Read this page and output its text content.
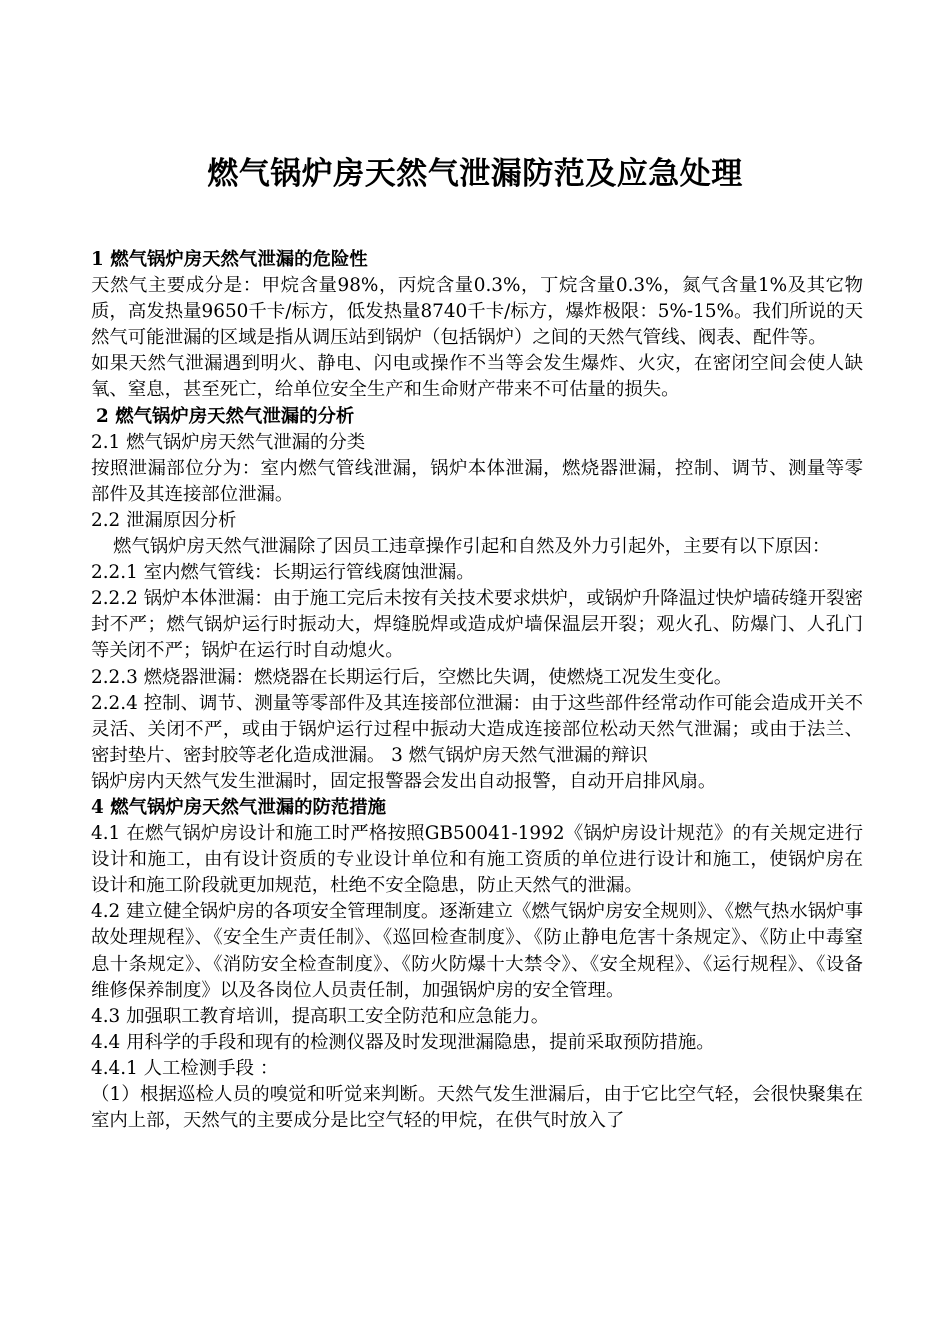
燃气锅炉房天然气泄漏防范及应急处理

1 燃气锅炉房天然气泄漏的危险性

天然气主要成分是：甲烷含量98%，丙烷含量0.3%，丁烷含量0.3%，氮气含量1%及其它物质，高发热量9650千卡/标方，低发热量8740千卡/标方，爆炸极限：5%-15%。我们所说的天然气可能泄漏的区域是指从调压站到锅炉（包括锅炉）之间的天然气管线、阀表、配件等。

如果天然气泄漏遇到明火、静电、闪电或操作不当等会发生爆炸、火灾，在密闭空间会使人缺氧、窒息，甚至死亡，给单位安全生产和生命财产带来不可估量的损失。

2 燃气锅炉房天然气泄漏的分析

2.1 燃气锅炉房天然气泄漏的分类

按照泄漏部位分为：室内燃气管线泄漏，锅炉本体泄漏，燃烧器泄漏，控制、调节、测量等零部件及其连接部位泄漏。

2.2 泄漏原因分析

燃气锅炉房天然气泄漏除了因员工违章操作引起和自然及外力引起外，主要有以下原因：

2.2.1 室内燃气管线：长期运行管线腐蚀泄漏。

2.2.2 锅炉本体泄漏：由于施工完后未按有关技术要求烘炉，或锅炉升降温过快炉墙砖缝开裂密封不严；燃气锅炉运行时振动大，焊缝脱焊或造成炉墙保温层开裂；观火孔、防爆门、人孔门等关闭不严；锅炉在运行时自动熄火。

2.2.3 燃烧器泄漏：燃烧器在长期运行后，空燃比失调，使燃烧工况发生变化。

2.2.4 控制、调节、测量等零部件及其连接部位泄漏：由于这些部件经常动作可能会造成开关不灵活、关闭不严，或由于锅炉运行过程中振动大造成连接部位松动天然气泄漏；或由于法兰、密封垫片、密封胶等老化造成泄漏。 3 燃气锅炉房天然气泄漏的辩识

锅炉房内天然气发生泄漏时，固定报警器会发出自动报警，自动开启排风扇。

4 燃气锅炉房天然气泄漏的防范措施

4.1 在燃气锅炉房设计和施工时严格按照GB50041-1992《锅炉房设计规范》的有关规定进行设计和施工，由有设计资质的专业设计单位和有施工资质的单位进行设计和施工，使锅炉房在设计和施工阶段就更加规范，杜绝不安全隐患，防止天然气的泄漏。

4.2 建立健全锅炉房的各项安全管理制度。逐渐建立《燃气锅炉房安全规则》、《燃气热水锅炉事故处理规程》、《安全生产责任制》、《巡回检查制度》、《防止静电危害十条规定》、《防止中毒窒息十条规定》、《消防安全检查制度》、《防火防爆十大禁令》、《安全规程》、《运行规程》、《设备维修保养制度》以及各岗位人员责任制，加强锅炉房的安全管理。

4.3 加强职工教育培训，提高职工安全防范和应急能力。

4.4 用科学的手段和现有的检测仪器及时发现泄漏隐患，提前采取预防措施。

4.4.1 人工检测手段 ：

（1）根据巡检人员的嗅觉和听觉来判断。天然气发生泄漏后，由于它比空气轻，会很快聚集在室内上部，天然气的主要成分是比空气轻的甲烷，在供气时放入了
